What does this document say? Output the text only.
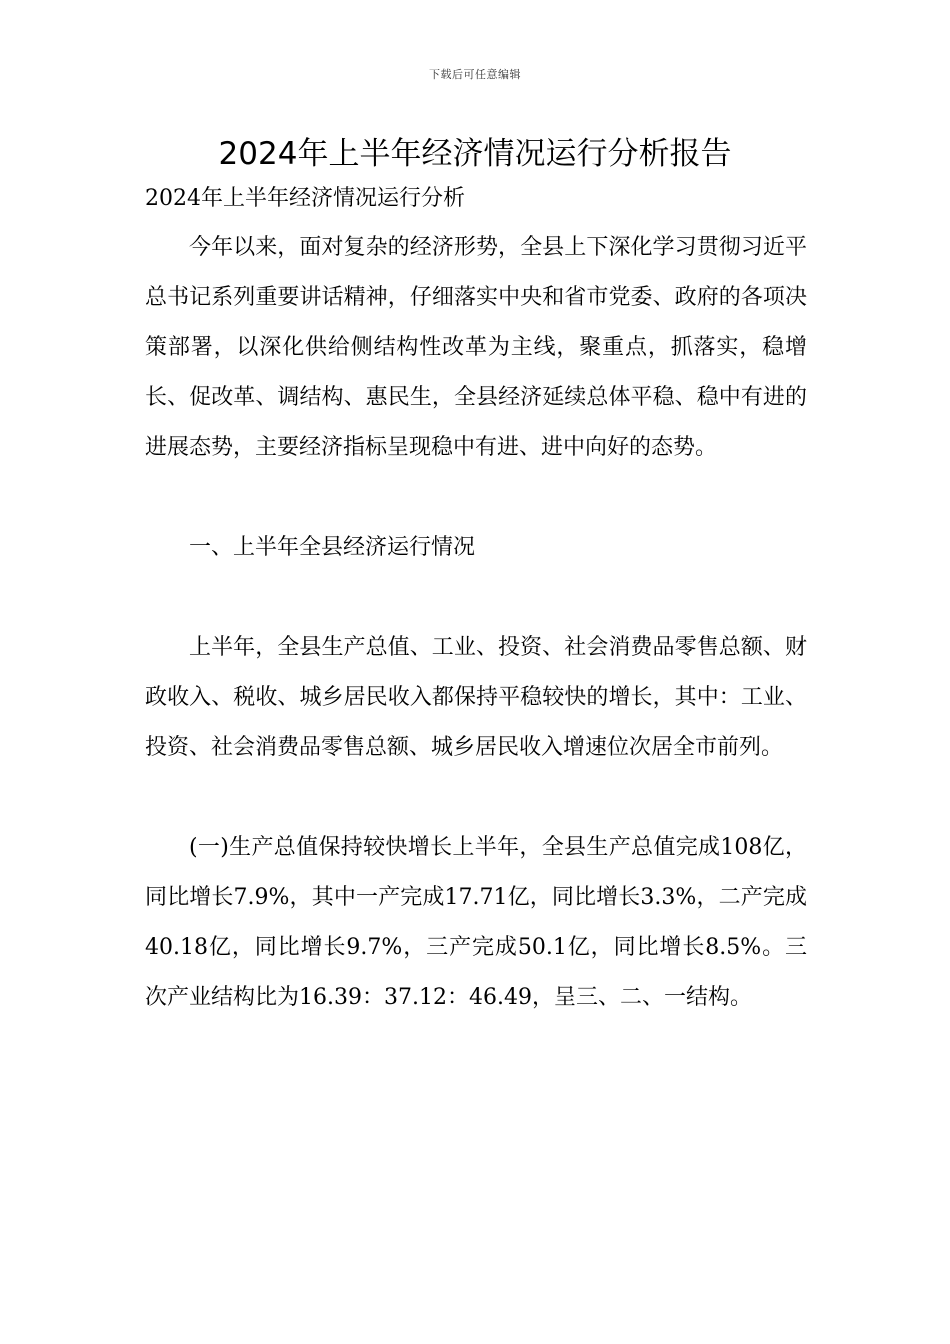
下载后可任意编辑
2024年上半年经济情况运行分析报告

2024年上半年经济情况运行分析

今年以来，面对复杂的经济形势，全县上下深化学习贯彻习近平总书记系列重要讲话精神，仔细落实中央和省市党委、政府的各项决策部署，以深化供给侧结构性改革为主线，聚重点，抓落实，稳增长、促改革、调结构、惠民生，全县经济延续总体平稳、稳中有进的进展态势，主要经济指标呈现稳中有进、进中向好的态势。

一、上半年全县经济运行情况

上半年，全县生产总值、工业、投资、社会消费品零售总额、财政收入、税收、城乡居民收入都保持平稳较快的增长，其中：工业、投资、社会消费品零售总额、城乡居民收入增速位次居全市前列。

(一)生产总值保持较快增长上半年，全县生产总值完成108亿，同比增长7.9%，其中一产完成17.71亿，同比增长3.3%，二产完成40.18亿，同比增长9.7%，三产完成50.1亿，同比增长8.5%。三次产业结构比为16.39：37.12：46.49，呈三、二、一结构。
